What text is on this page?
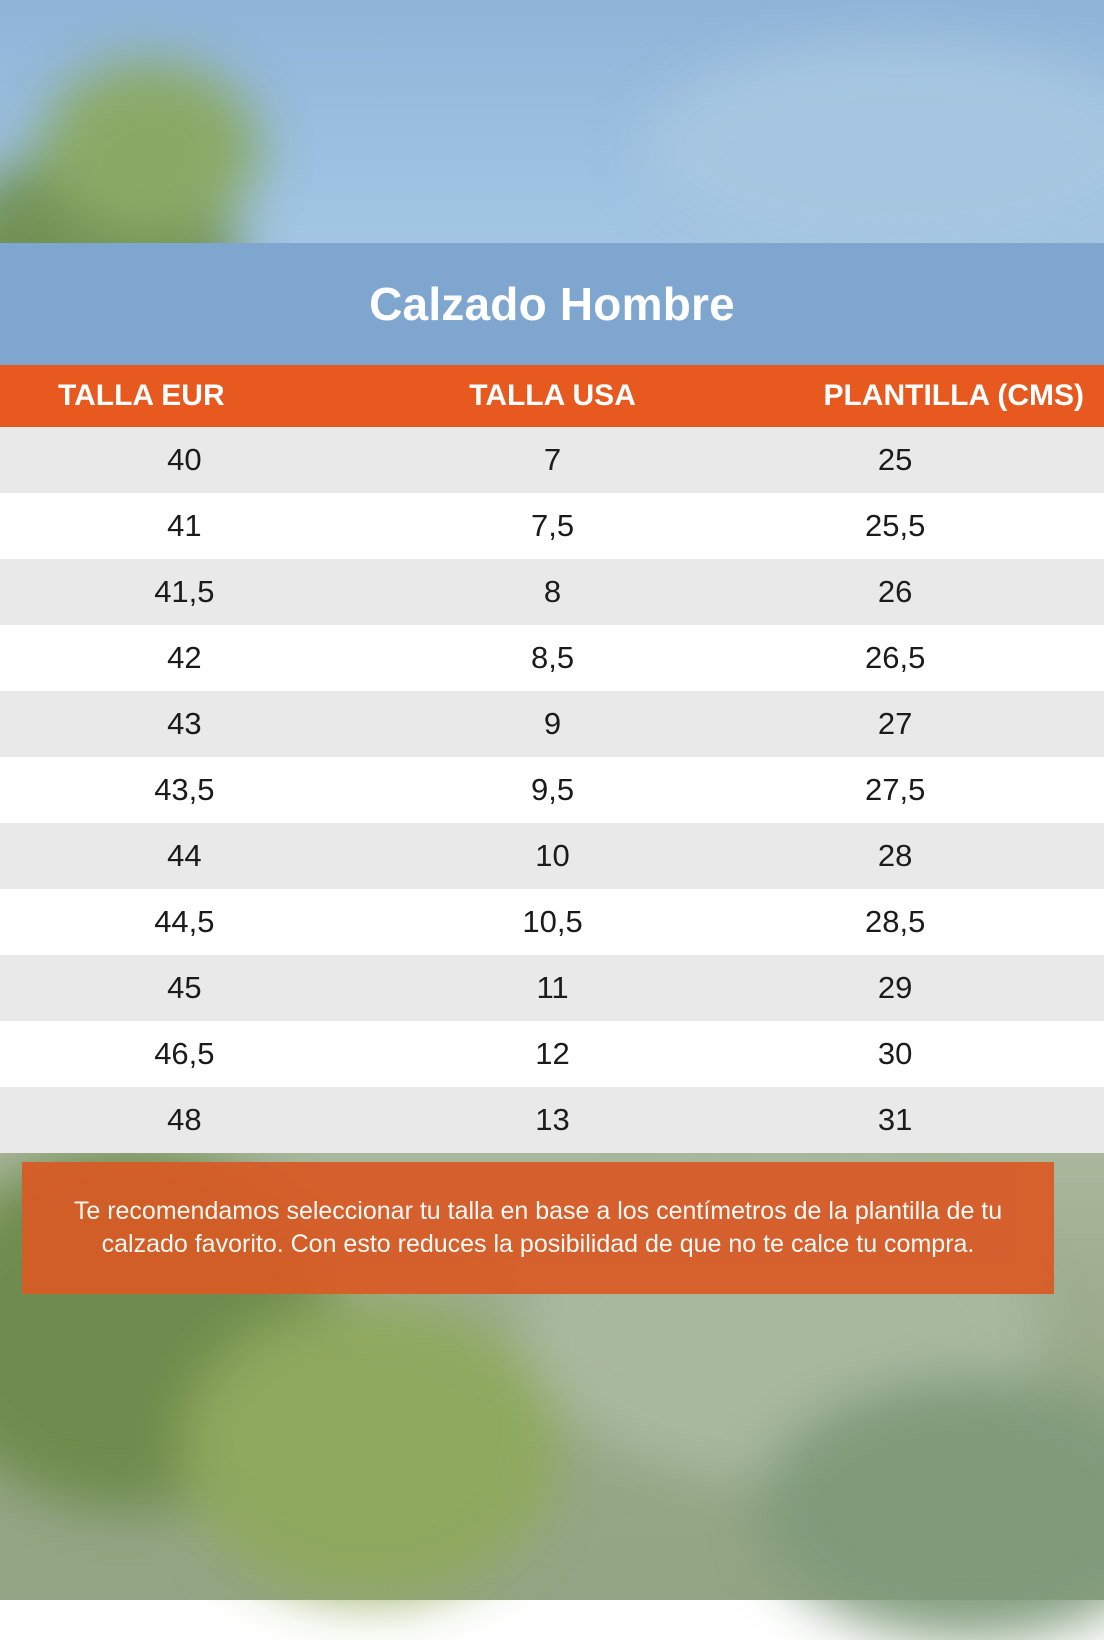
Calzado Hombre
TALLA EUR	TALLA USA	PLANTILLA (CMS)
40	7	25
41	7,5	25,5
41,5	8	26
42	8,5	26,5
43	9	27
43,5	9,5	27,5
44	10	28
44,5	10,5	28,5
45	11	29
46,5	12	30
48	13	31

Te recomendamos seleccionar tu talla en base a los centímetros de la plantilla de tu calzado favorito. Con esto reduces la posibilidad de que no te calce tu compra.
